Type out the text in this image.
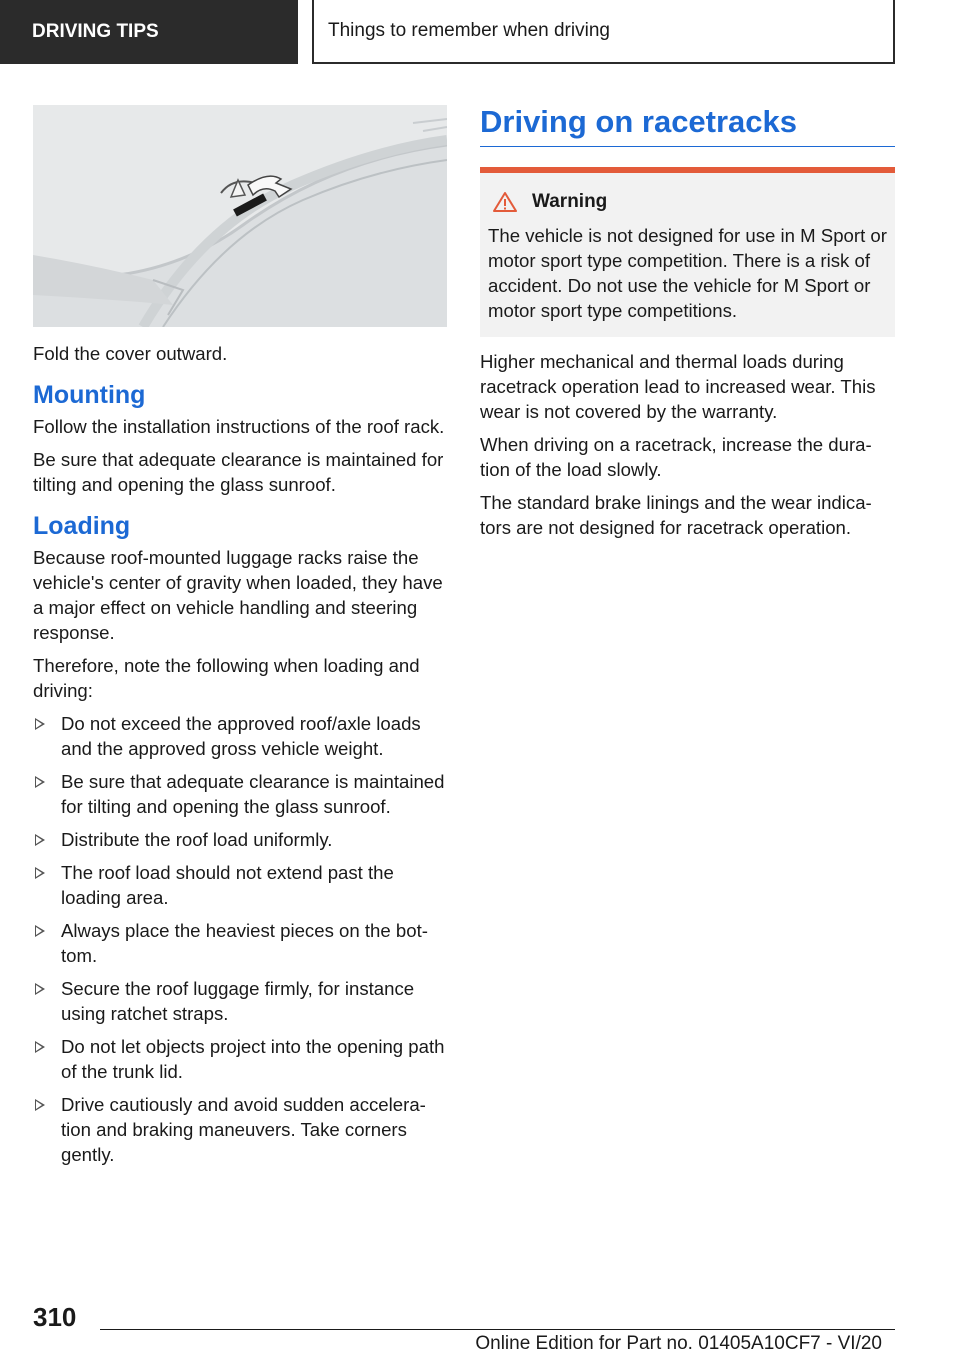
DRIVING TIPS	Things to remember when driving

Fold the cover outward.

Mounting

Follow the installation instructions of the roof rack.

Be sure that adequate clearance is maintained for tilting and opening the glass sunroof.

Loading

Because roof-mounted luggage racks raise the vehicle's center of gravity when loaded, they have a major effect on vehicle handling and steering response.

Therefore, note the following when loading and driving:

Do not exceed the approved roof/axle loads and the approved gross vehicle weight.
Be sure that adequate clearance is maintained for tilting and opening the glass sunroof.
Distribute the roof load uniformly.
The roof load should not extend past the loading area.
Always place the heaviest pieces on the bottom.
Secure the roof luggage firmly, for instance using ratchet straps.
Do not let objects project into the opening path of the trunk lid.
Drive cautiously and avoid sudden acceleration and braking maneuvers. Take corners gently.
Driving on racetracks
Warning

The vehicle is not designed for use in M Sport or motor sport type competition. There is a risk of accident. Do not use the vehicle for M Sport or motor sport type competitions.

Higher mechanical and thermal loads during racetrack operation lead to increased wear. This wear is not covered by the warranty.

When driving on a racetrack, increase the duration of the load slowly.

The standard brake linings and the wear indicators are not designed for racetrack operation.

310
Online Edition for Part no. 01405A10CF7 - VI/20
